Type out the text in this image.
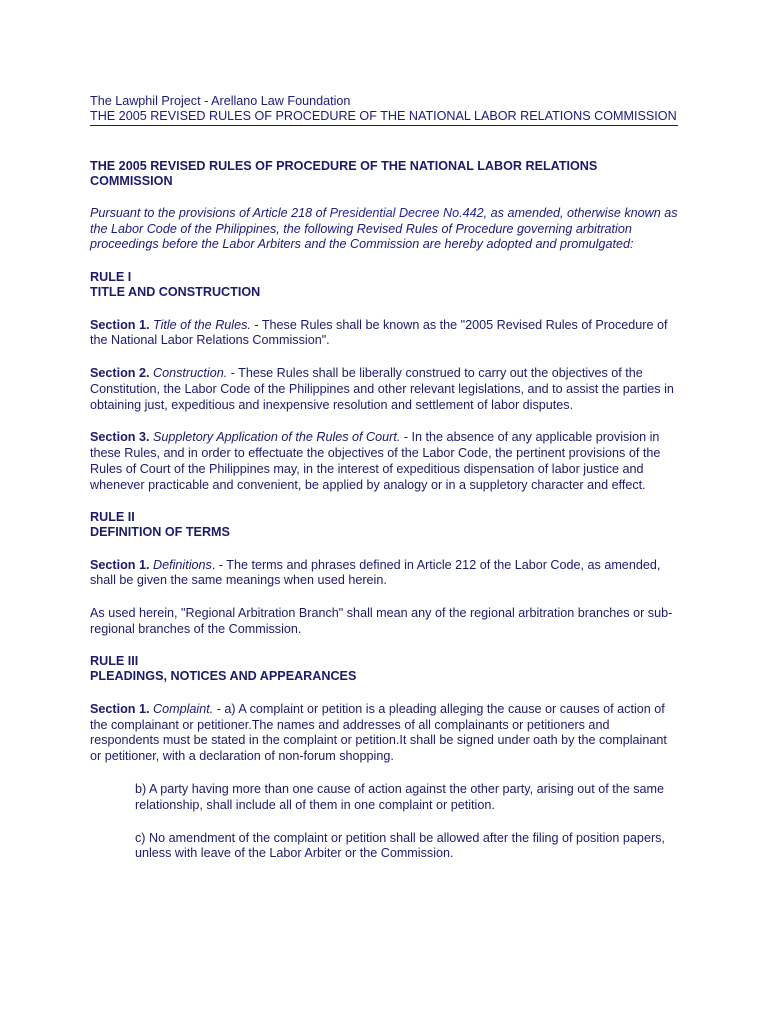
The Lawphil Project - Arellano Law Foundation
THE 2005 REVISED RULES OF PROCEDURE OF THE NATIONAL LABOR RELATIONS COMMISSION
THE 2005 REVISED RULES OF PROCEDURE OF THE NATIONAL LABOR RELATIONS COMMISSION
Pursuant to the provisions of Article 218 of Presidential Decree No.442, as amended, otherwise known as the Labor Code of the Philippines, the following Revised Rules of Procedure governing arbitration proceedings before the Labor Arbiters and the Commission are hereby adopted and promulgated:
RULE I
TITLE AND CONSTRUCTION
Section 1. Title of the Rules. - These Rules shall be known as the "2005 Revised Rules of Procedure of the National Labor Relations Commission".
Section 2. Construction. - These Rules shall be liberally construed to carry out the objectives of the Constitution, the Labor Code of the Philippines and other relevant legislations, and to assist the parties in obtaining just, expeditious and inexpensive resolution and settlement of labor disputes.
Section 3. Suppletory Application of the Rules of Court. - In the absence of any applicable provision in these Rules, and in order to effectuate the objectives of the Labor Code, the pertinent provisions of the Rules of Court of the Philippines may, in the interest of expeditious dispensation of labor justice and whenever practicable and convenient, be applied by analogy or in a suppletory character and effect.
RULE II
DEFINITION OF TERMS
Section 1. Definitions. - The terms and phrases defined in Article 212 of the Labor Code, as amended, shall be given the same meanings when used herein.
As used herein, "Regional Arbitration Branch" shall mean any of the regional arbitration branches or sub-regional branches of the Commission.
RULE III
PLEADINGS, NOTICES AND APPEARANCES
Section 1. Complaint. - a) A complaint or petition is a pleading alleging the cause or causes of action of the complainant or petitioner.The names and addresses of all complainants or petitioners and respondents must be stated in the complaint or petition.It shall be signed under oath by the complainant or petitioner, with a declaration of non-forum shopping.
b) A party having more than one cause of action against the other party, arising out of the same relationship, shall include all of them in one complaint or petition.
c) No amendment of the complaint or petition shall be allowed after the filing of position papers, unless with leave of the Labor Arbiter or the Commission.
